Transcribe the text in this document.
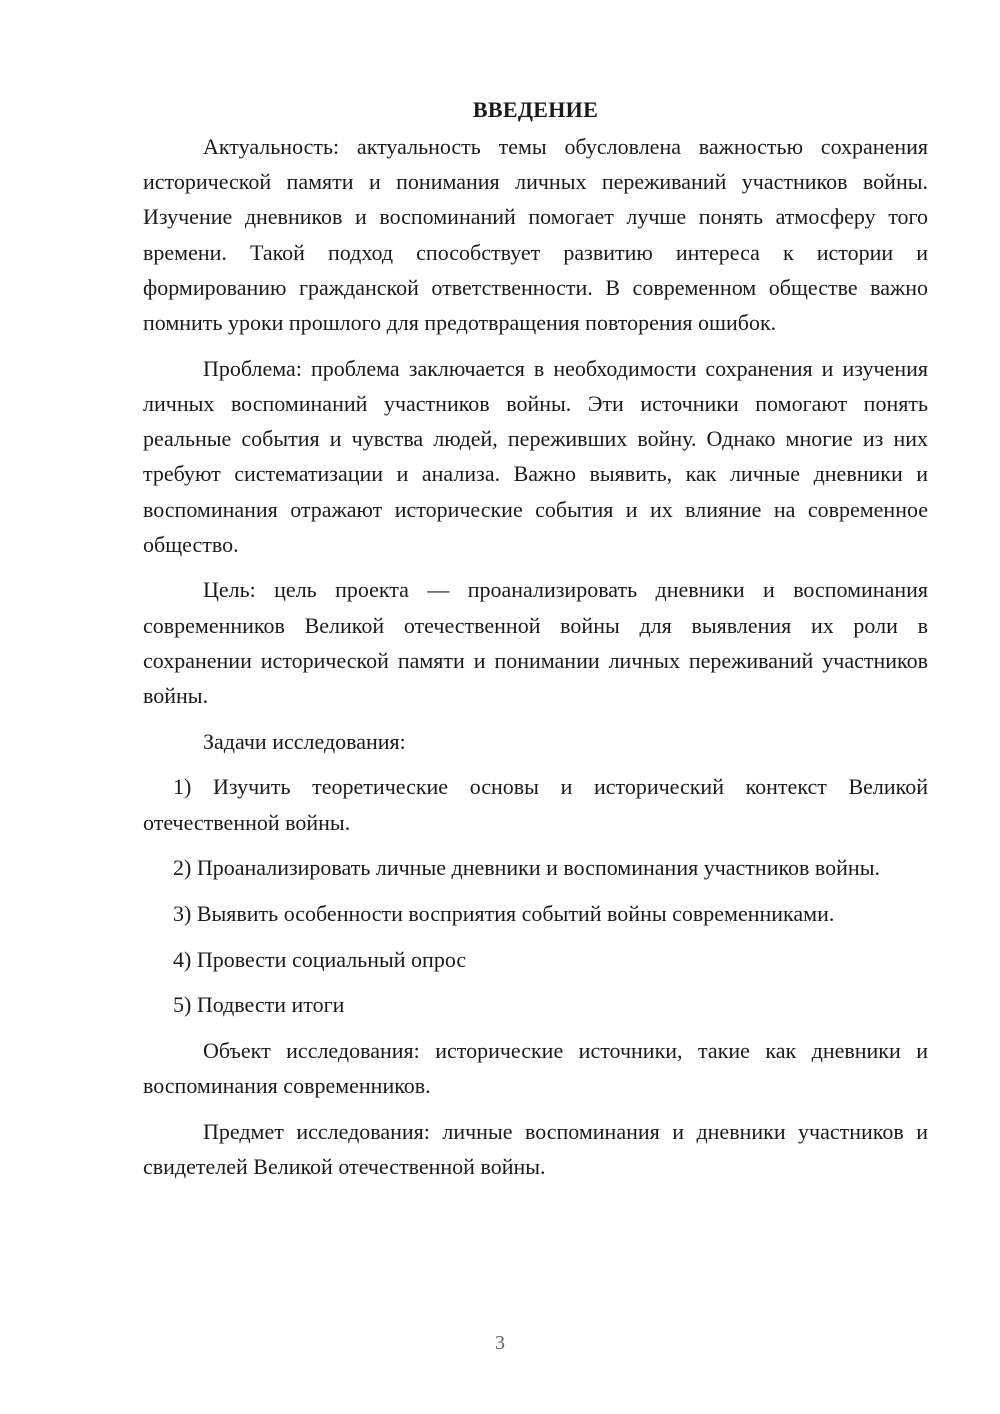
ВВЕДЕНИЕ

Актуальность: актуальность темы обусловлена важностью сохранения исторической памяти и понимания личных переживаний участников войны. Изучение дневников и воспоминаний помогает лучше понять атмосферу того времени. Такой подход способствует развитию интереса к истории и формированию гражданской ответственности. В современном обществе важно помнить уроки прошлого для предотвращения повторения ошибок.

Проблема: проблема заключается в необходимости сохранения и изучения личных воспоминаний участников войны. Эти источники помогают понять реальные события и чувства людей, переживших войну. Однако многие из них требуют систематизации и анализа. Важно выявить, как личные дневники и воспоминания отражают исторические события и их влияние на современное общество.

Цель: цель проекта — проанализировать дневники и воспоминания современников Великой отечественной войны для выявления их роли в сохранении исторической памяти и понимании личных переживаний участников войны.

Задачи исследования:

1) Изучить теоретические основы и исторический контекст Великой отечественной войны.

2) Проанализировать личные дневники и воспоминания участников войны.

3) Выявить особенности восприятия событий войны современниками.

4) Провести социальный опрос

5) Подвести итоги

Объект исследования: исторические источники, такие как дневники и воспоминания современников.

Предмет исследования: личные воспоминания и дневники участников и свидетелей Великой отечественной войны.

3
